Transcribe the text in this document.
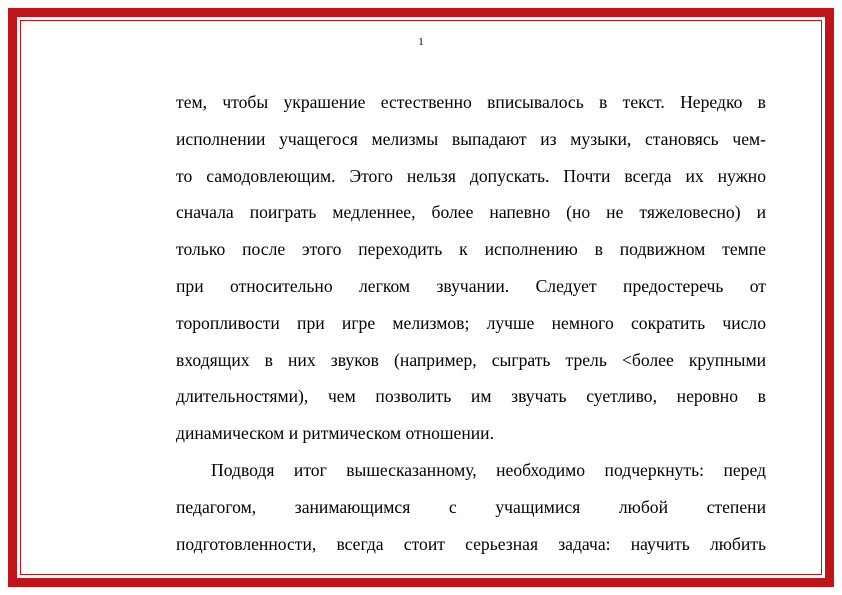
1
тем, чтобы украшение естественно вписывалось в текст. Нередко в
исполнении учащегося мелизмы выпадают из музыки, становясь чем-
то самодовлеющим. Этого нельзя допускать. Почти всегда их нужно
сначала поиграть медленнее, более напевно (но не тяжеловесно) и
только после этого переходить к исполнению в подвижном темпе
при относительно легком звучании. Следует предостеречь от
торопливости при игре мелизмов; лучше немного сократить число
входящих в них звуков (например, сыграть трель <более крупными
длительностями), чем позволить им звучать суетливо, неровно в
динамическом и ритмическом отношении.
Подводя итог вышесказанному, необходимо подчеркнуть: перед
педагогом, занимающимся с учащимися любой степени
подготовленности, всегда стоит серьезная задача: научить любить
